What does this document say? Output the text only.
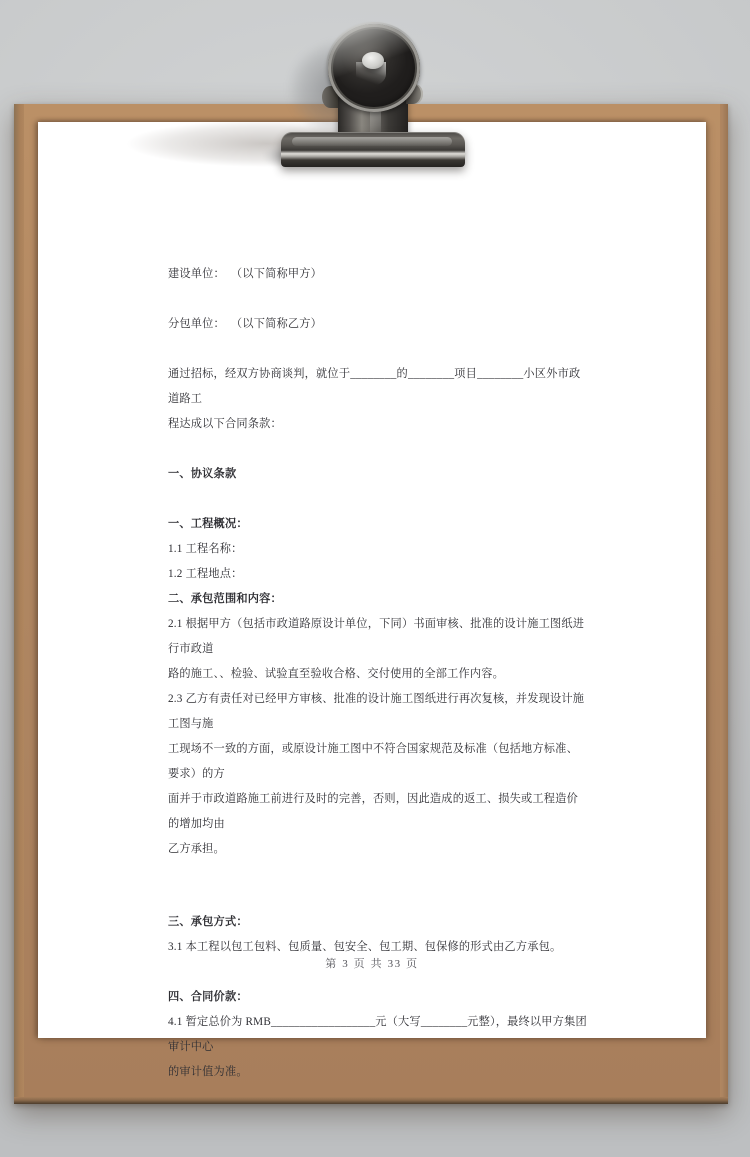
建设单位：  （以下简称甲方）

分包单位：  （以下简称乙方）

通过招标，经双方协商谈判，就位于________的________项目________小区外市政道路工

程达成以下合同条款：

一、协议条款

一、工程概况：

1.1 工程名称：

1.2 工程地点：

二、承包范围和内容：

2.1 根据甲方（包括市政道路原设计单位，下同）书面审核、批准的设计施工图纸进行市政道

路的施工、、检验、试验直至验收合格、交付使用的全部工作内容。

2.3 乙方有责任对已经甲方审核、批准的设计施工图纸进行再次复核，并发现设计施工图与施

工现场不一致的方面，或原设计施工图中不符合国家规范及标准（包括地方标准、要求）的方

面并于市政道路施工前进行及时的完善，否则，因此造成的返工、损失或工程造价的增加均由

乙方承担。

三、承包方式：

3.1 本工程以包工包料、包质量、包安全、包工期、包保修的形式由乙方承包。

四、合同价款：

4.1 暂定总价为 RMB__________________元（大写________元整），最终以甲方集团审计中心

的审计值为准。

第 3 页 共 33 页
